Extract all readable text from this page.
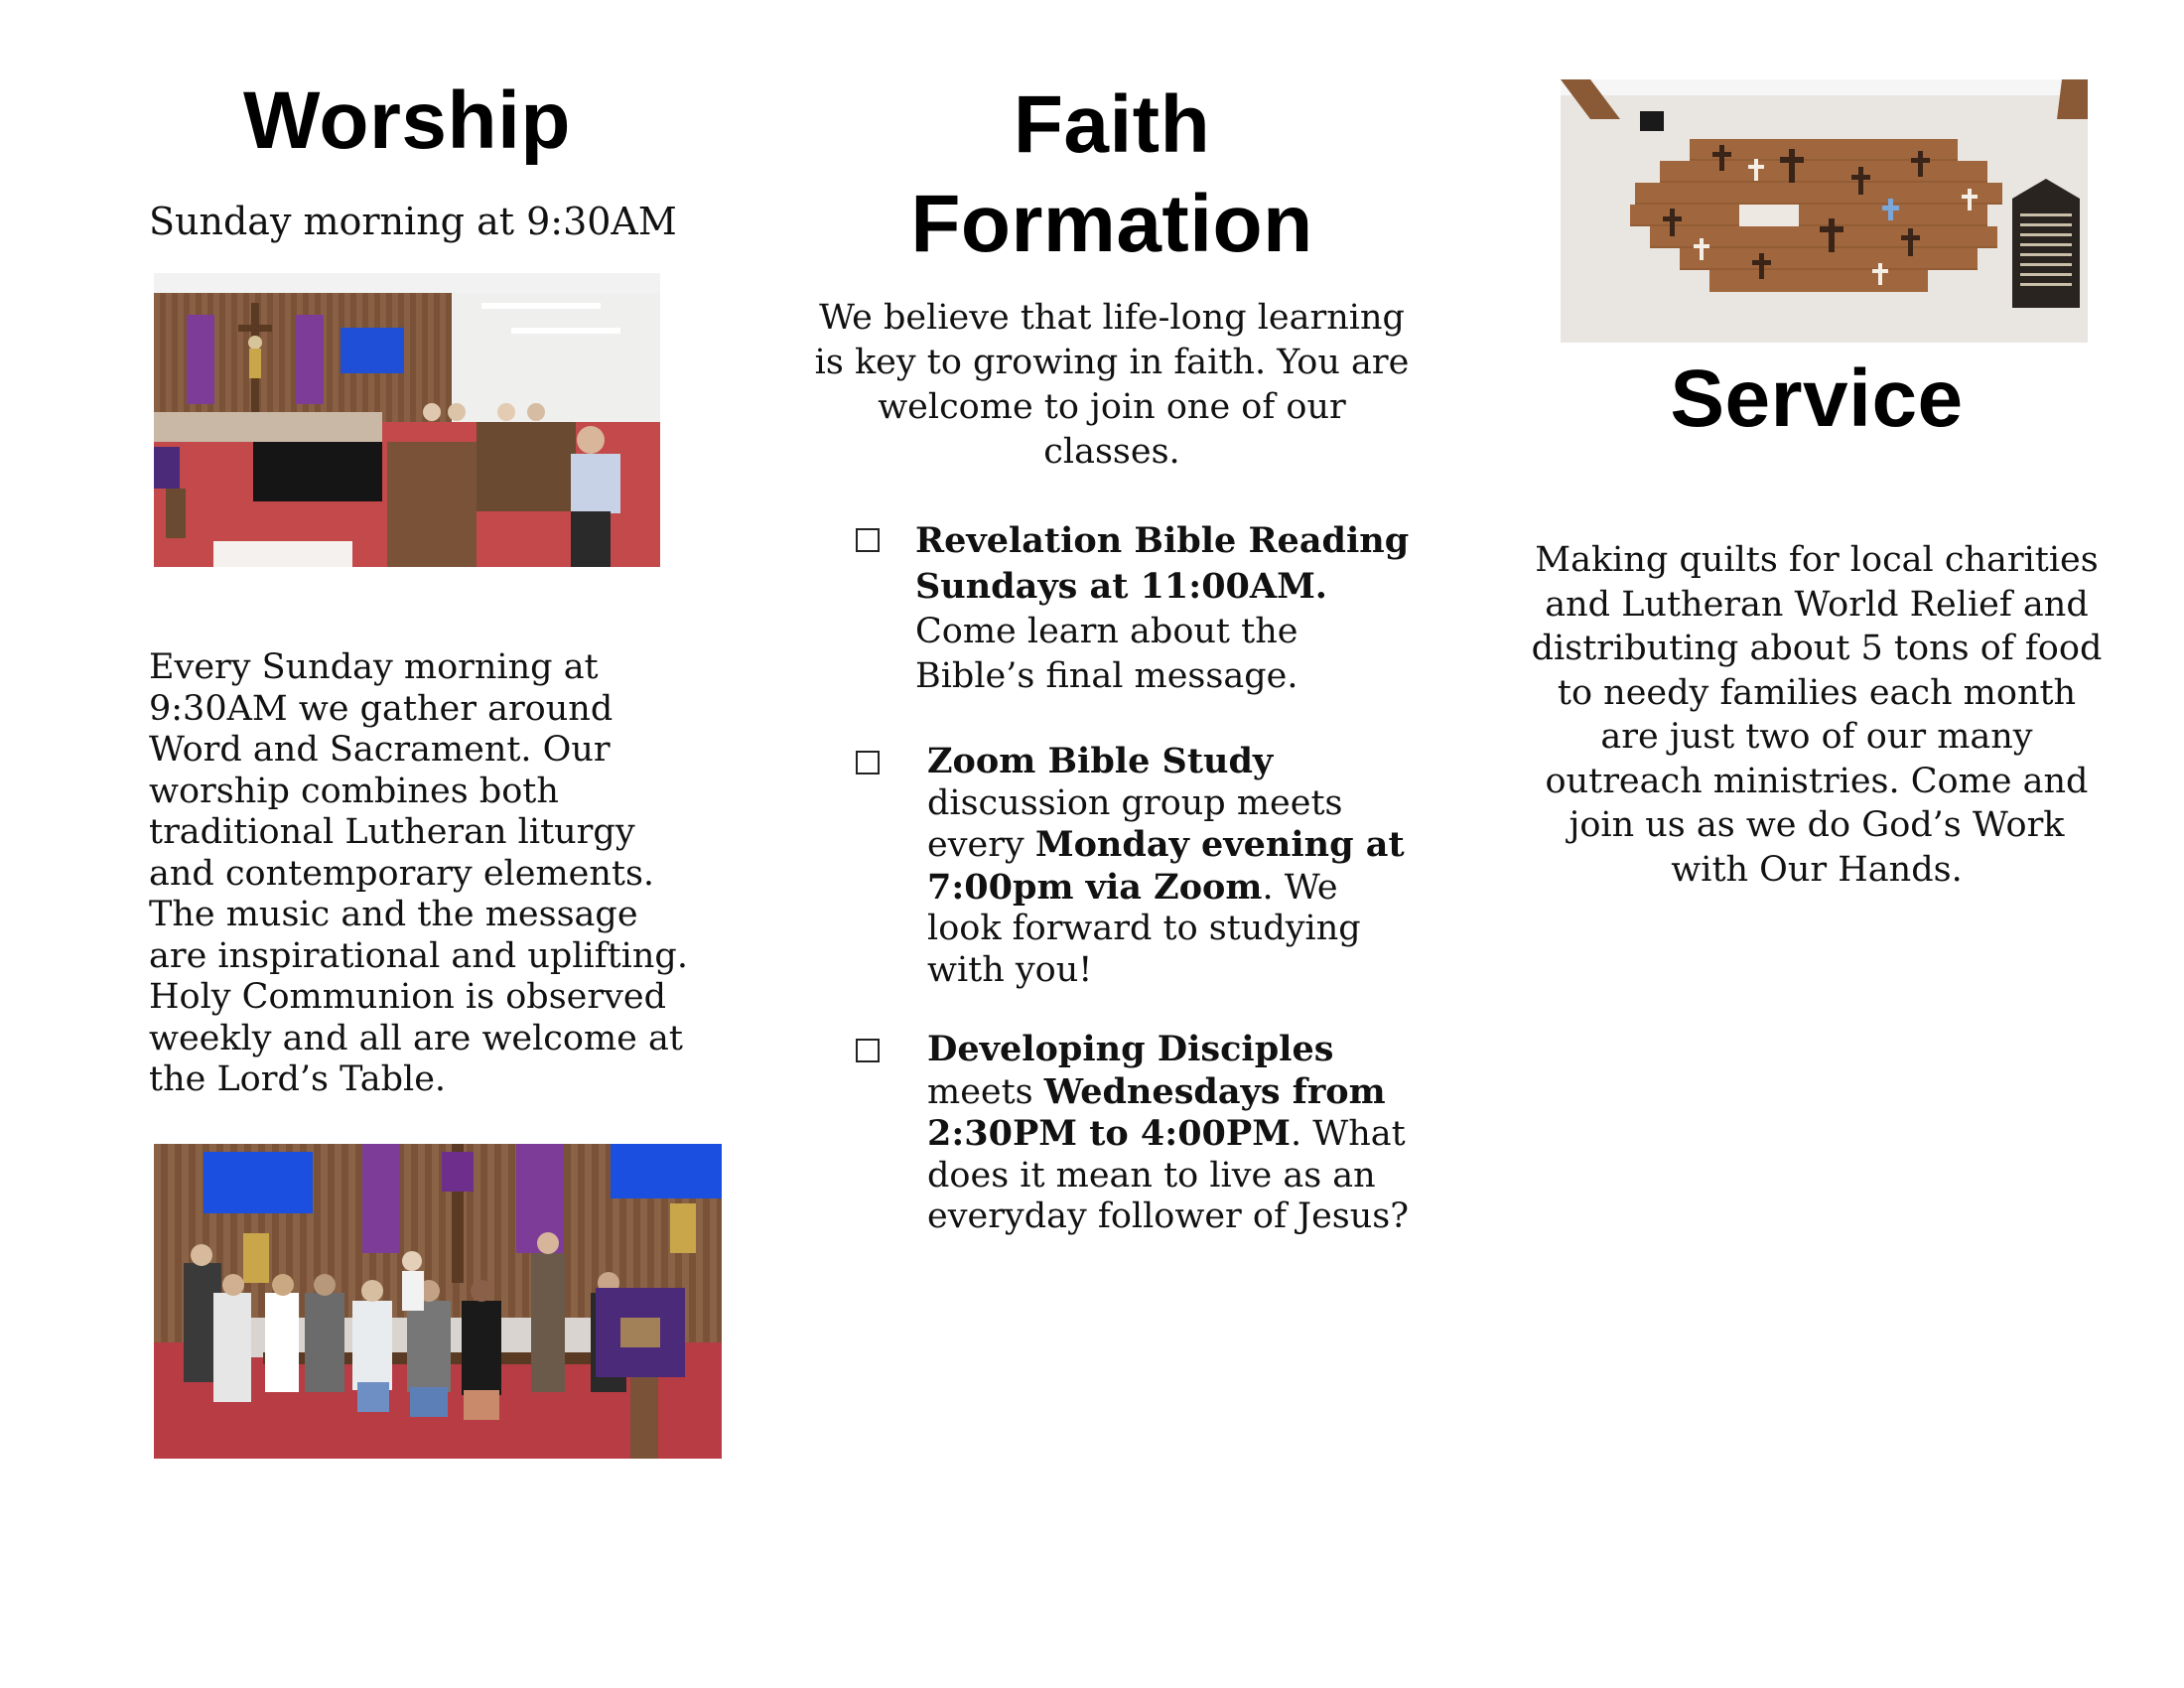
Worship

Sunday morning at 9:30AM

Every Sunday morning at 9:30AM we gather around Word and Sacrament. Our worship combines both traditional Lutheran liturgy and contemporary elements. The music and the message are inspirational and uplifting. Holy Communion is observed weekly and all are welcome at the Lord’s Table.

Faith
Formation

We believe that life-long learning is key to growing in faith. You are welcome to join one of our classes.

Revelation Bible Reading
Sundays at 11:00AM.
Come learn about the Bible’s final message.
Zoom Bible Study
discussion group meets every Monday evening at 7:00pm via Zoom. We look forward to studying with you!
Developing Disciples
meets Wednesdays from 2:30PM to 4:00PM. What does it mean to live as an everyday follower of Jesus?
Service

Making quilts for local charities and Lutheran World Relief and distributing about 5 tons of food to needy families each month are just two of our many outreach ministries. Come and join us as we do God’s Work with Our Hands.
